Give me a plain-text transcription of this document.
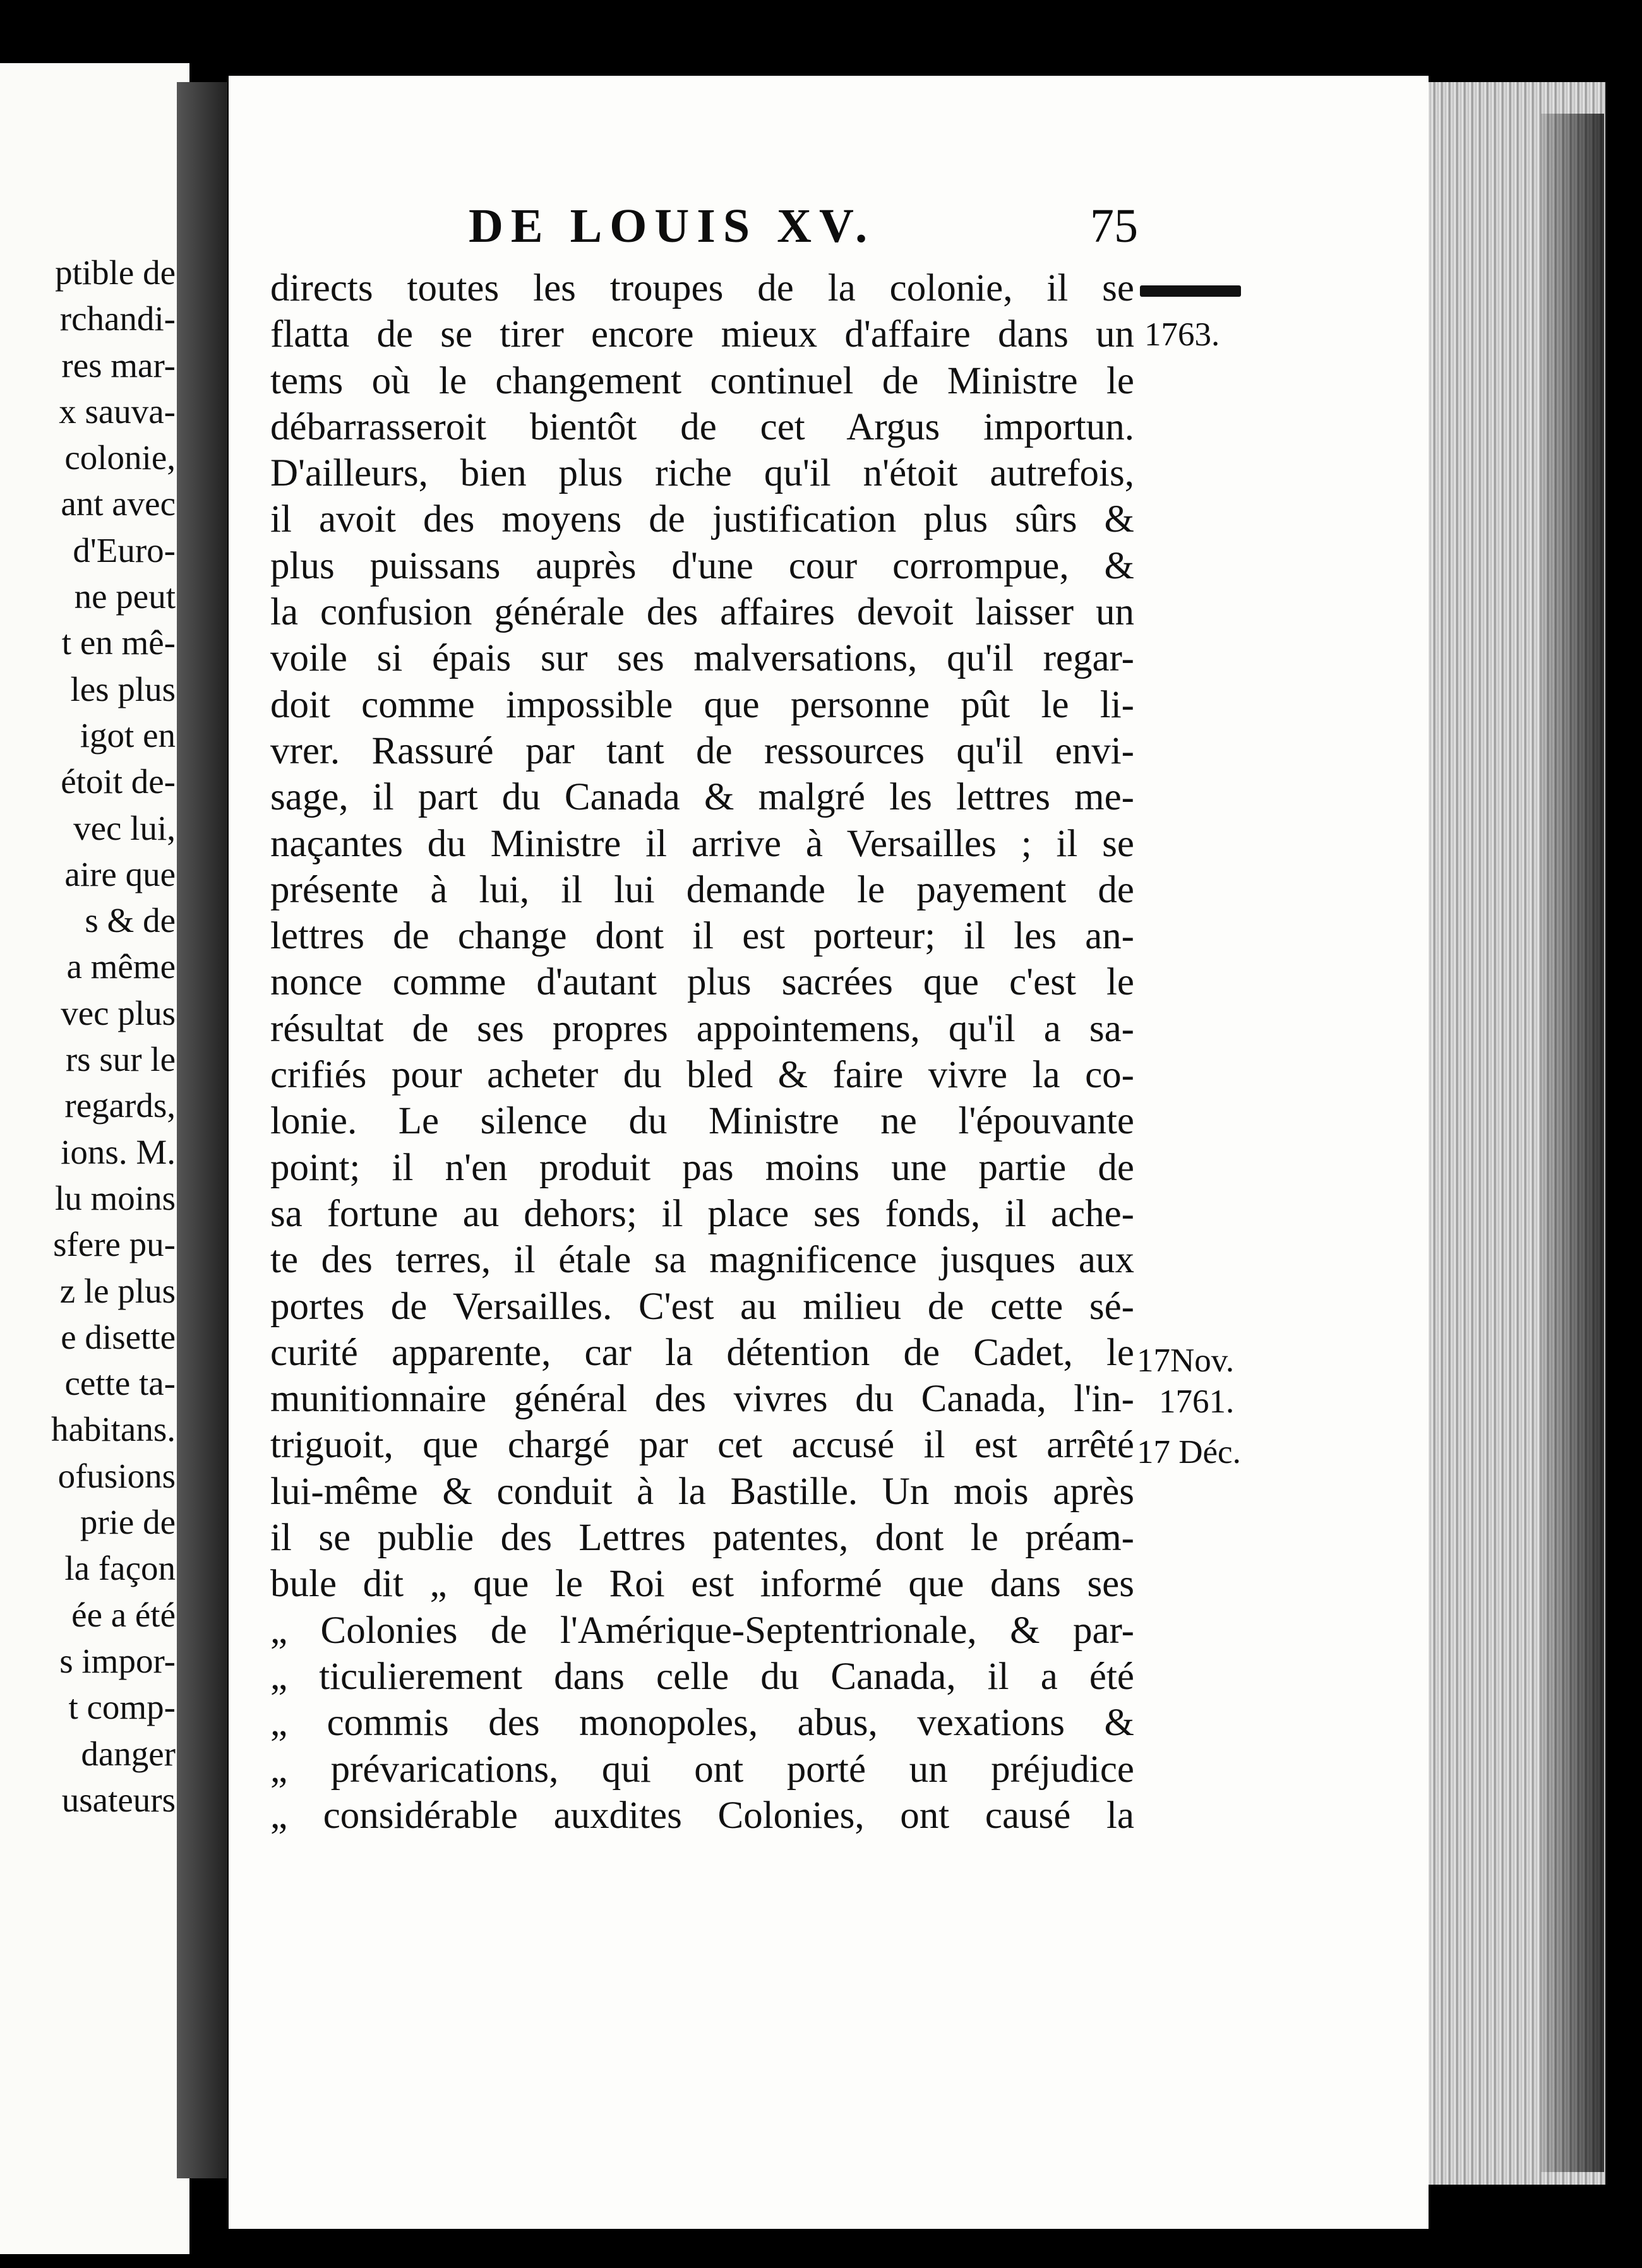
ptible de
rchandi-
res mar-
x sauva-
colonie,
ant avec
d'Euro-
ne peut
t en mê-
les plus
igot en
étoit de-
vec lui,
aire que
s & de
a même
vec plus
rs sur le
regards,
ions. M.
lu moins
sfere pu-
z le plus
e disette
cette ta-
habitans.
ofusions
prie de
la façon
ée a été
s impor-
t comp-
danger
usateurs
DE LOUIS XV.	75
directs toutes les troupes de la colonie, il se
flatta de se tirer encore mieux d'affaire dans un
tems où le changement continuel de Ministre le
débarrasseroit bientôt de cet Argus importun.
D'ailleurs, bien plus riche qu'il n'étoit autrefois,
il avoit des moyens de justification plus sûrs &
plus puissans auprès d'une cour corrompue, &
la confusion générale des affaires devoit laisser un
voile si épais sur ses malversations, qu'il regar-
doit comme impossible que personne pût le li-
vrer. Rassuré par tant de ressources qu'il envi-
sage, il part du Canada & malgré les lettres me-
naçantes du Ministre il arrive à Versailles ; il se
présente à lui, il lui demande le payement de
lettres de change dont il est porteur; il les an-
nonce comme d'autant plus sacrées que c'est le
résultat de ses propres appointemens, qu'il a sa-
crifiés pour acheter du bled & faire vivre la co-
lonie. Le silence du Ministre ne l'épouvante
point; il n'en produit pas moins une partie de
sa fortune au dehors; il place ses fonds, il ache-
te des terres, il étale sa magnificence jusques aux
portes de Versailles. C'est au milieu de cette sé-
curité apparente, car la détention de Cadet, le
munitionnaire général des vivres du Canada, l'in-
triguoit, que chargé par cet accusé il est arrêté
lui-même & conduit à la Bastille. Un mois après
il se publie des Lettres patentes, dont le préam-
bule dit „ que le Roi est informé que dans ses
„ Colonies de l'Amérique-Septentrionale, & par-
„ ticulierement dans celle du Canada, il a été
„ commis des monopoles, abus, vexations &
„ prévarications, qui ont porté un préjudice
„ considérable auxdites Colonies, ont causé la
1763.
17Nov.
1761.
17 Déc.
